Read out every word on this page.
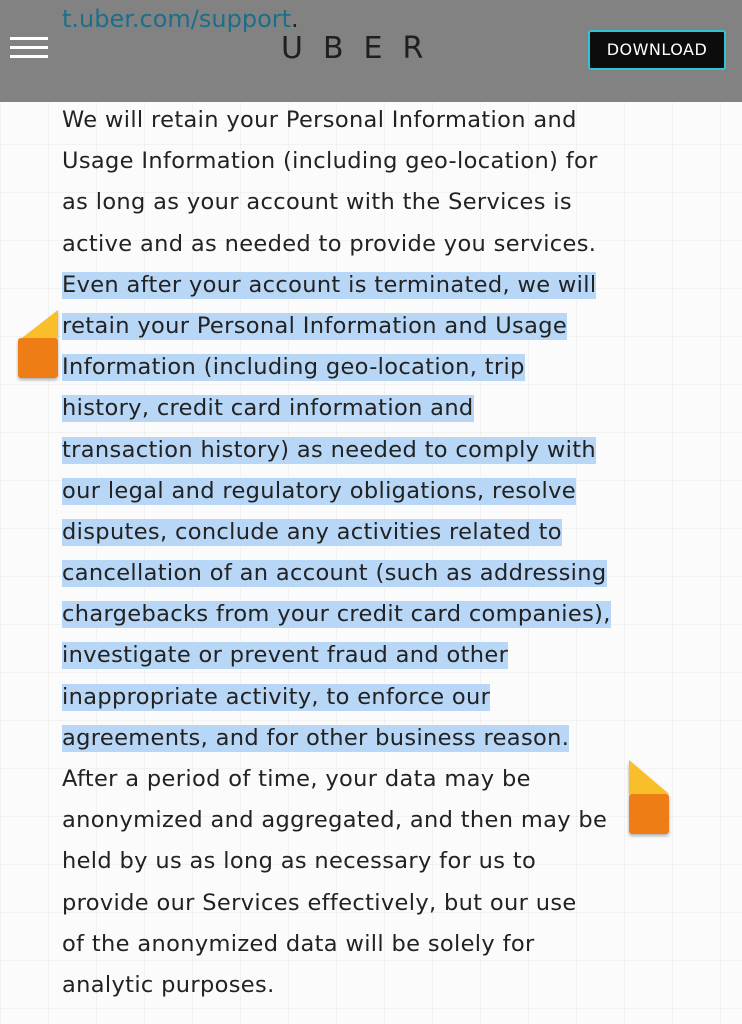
t.uber.com/support.
UBER	DOWNLOAD
We will retain your Personal Information and
Usage Information (including geo-location) for
as long as your account with the Services is
active and as needed to provide you services.
Even after your account is terminated, we will
retain your Personal Information and Usage
Information (including geo-location, trip
history, credit card information and
transaction history) as needed to comply with
our legal and regulatory obligations, resolve
disputes, conclude any activities related to
cancellation of an account (such as addressing
chargebacks from your credit card companies),
investigate or prevent fraud and other
inappropriate activity, to enforce our
agreements, and for other business reason.
After a period of time, your data may be
anonymized and aggregated, and then may be
held by us as long as necessary for us to
provide our Services effectively, but our use
of the anonymized data will be solely for
analytic purposes.
